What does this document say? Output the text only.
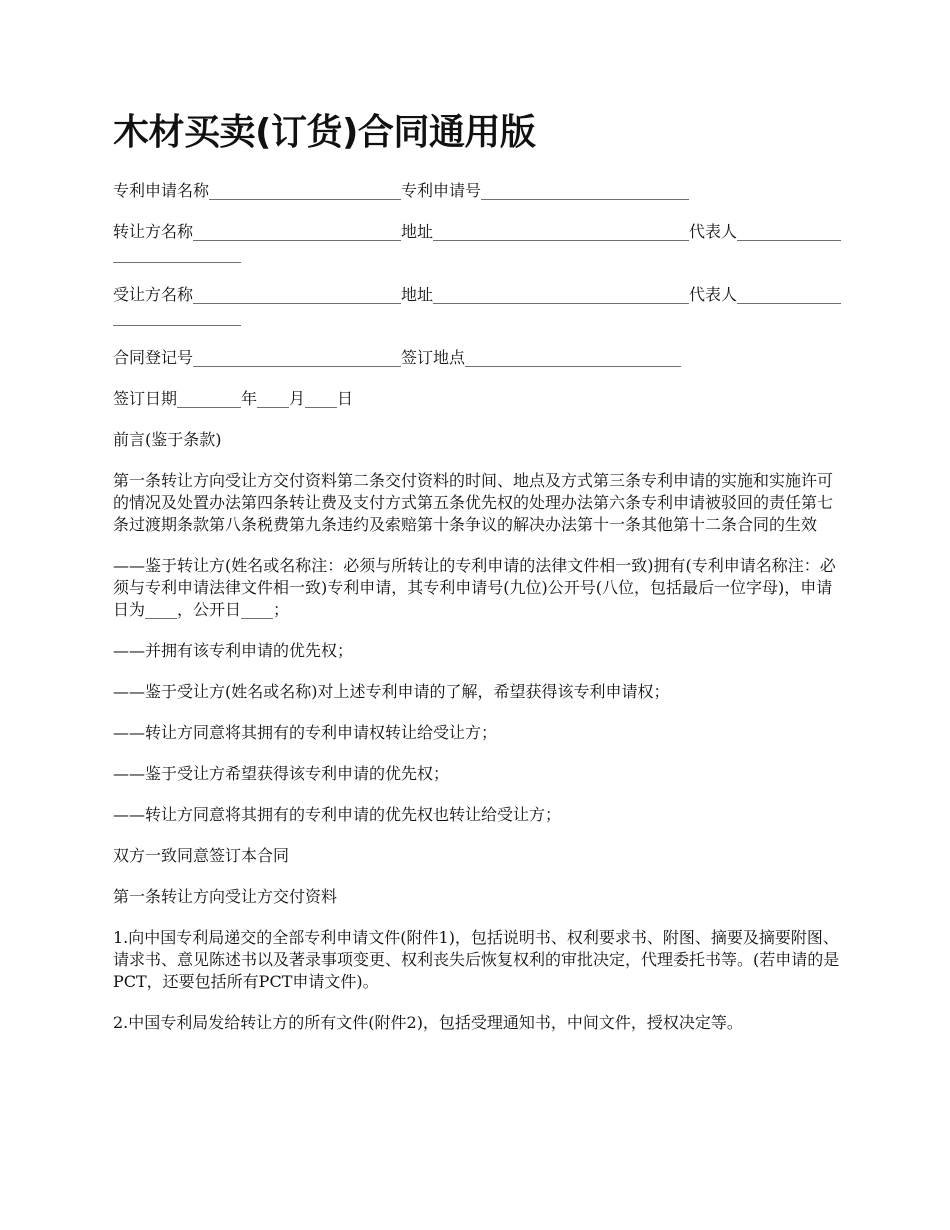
木材买卖(订货)合同通用版

专利申请名称________________________专利申请号__________________________

转让方名称__________________________地址________________________________代表人_____________________________

受让方名称__________________________地址________________________________代表人_____________________________

合同登记号__________________________签订地点___________________________

签订日期________年____月____日

前言(鉴于条款)

第一条转让方向受让方交付资料第二条交付资料的时间、地点及方式第三条专利申请的实施和实施许可的情况及处置办法第四条转让费及支付方式第五条优先权的处理办法第六条专利申请被驳回的责任第七条过渡期条款第八条税费第九条违约及索赔第十条争议的解决办法第十一条其他第十二条合同的生效

——鉴于转让方(姓名或名称注：必须与所转让的专利申请的法律文件相一致)拥有(专利申请名称注：必须与专利申请法律文件相一致)专利申请，其专利申请号(九位)公开号(八位，包括最后一位字母)，申请日为____，公开日____；

——并拥有该专利申请的优先权；

——鉴于受让方(姓名或名称)对上述专利申请的了解，希望获得该专利申请权；

——转让方同意将其拥有的专利申请权转让给受让方；

——鉴于受让方希望获得该专利申请的优先权；

——转让方同意将其拥有的专利申请的优先权也转让给受让方；

双方一致同意签订本合同

第一条转让方向受让方交付资料

1.向中国专利局递交的全部专利申请文件(附件1)，包括说明书、权利要求书、附图、摘要及摘要附图、请求书、意见陈述书以及著录事项变更、权利丧失后恢复权利的审批决定，代理委托书等。(若申请的是PCT，还要包括所有PCT申请文件)。

2.中国专利局发给转让方的所有文件(附件2)，包括受理通知书，中间文件，授权决定等。
